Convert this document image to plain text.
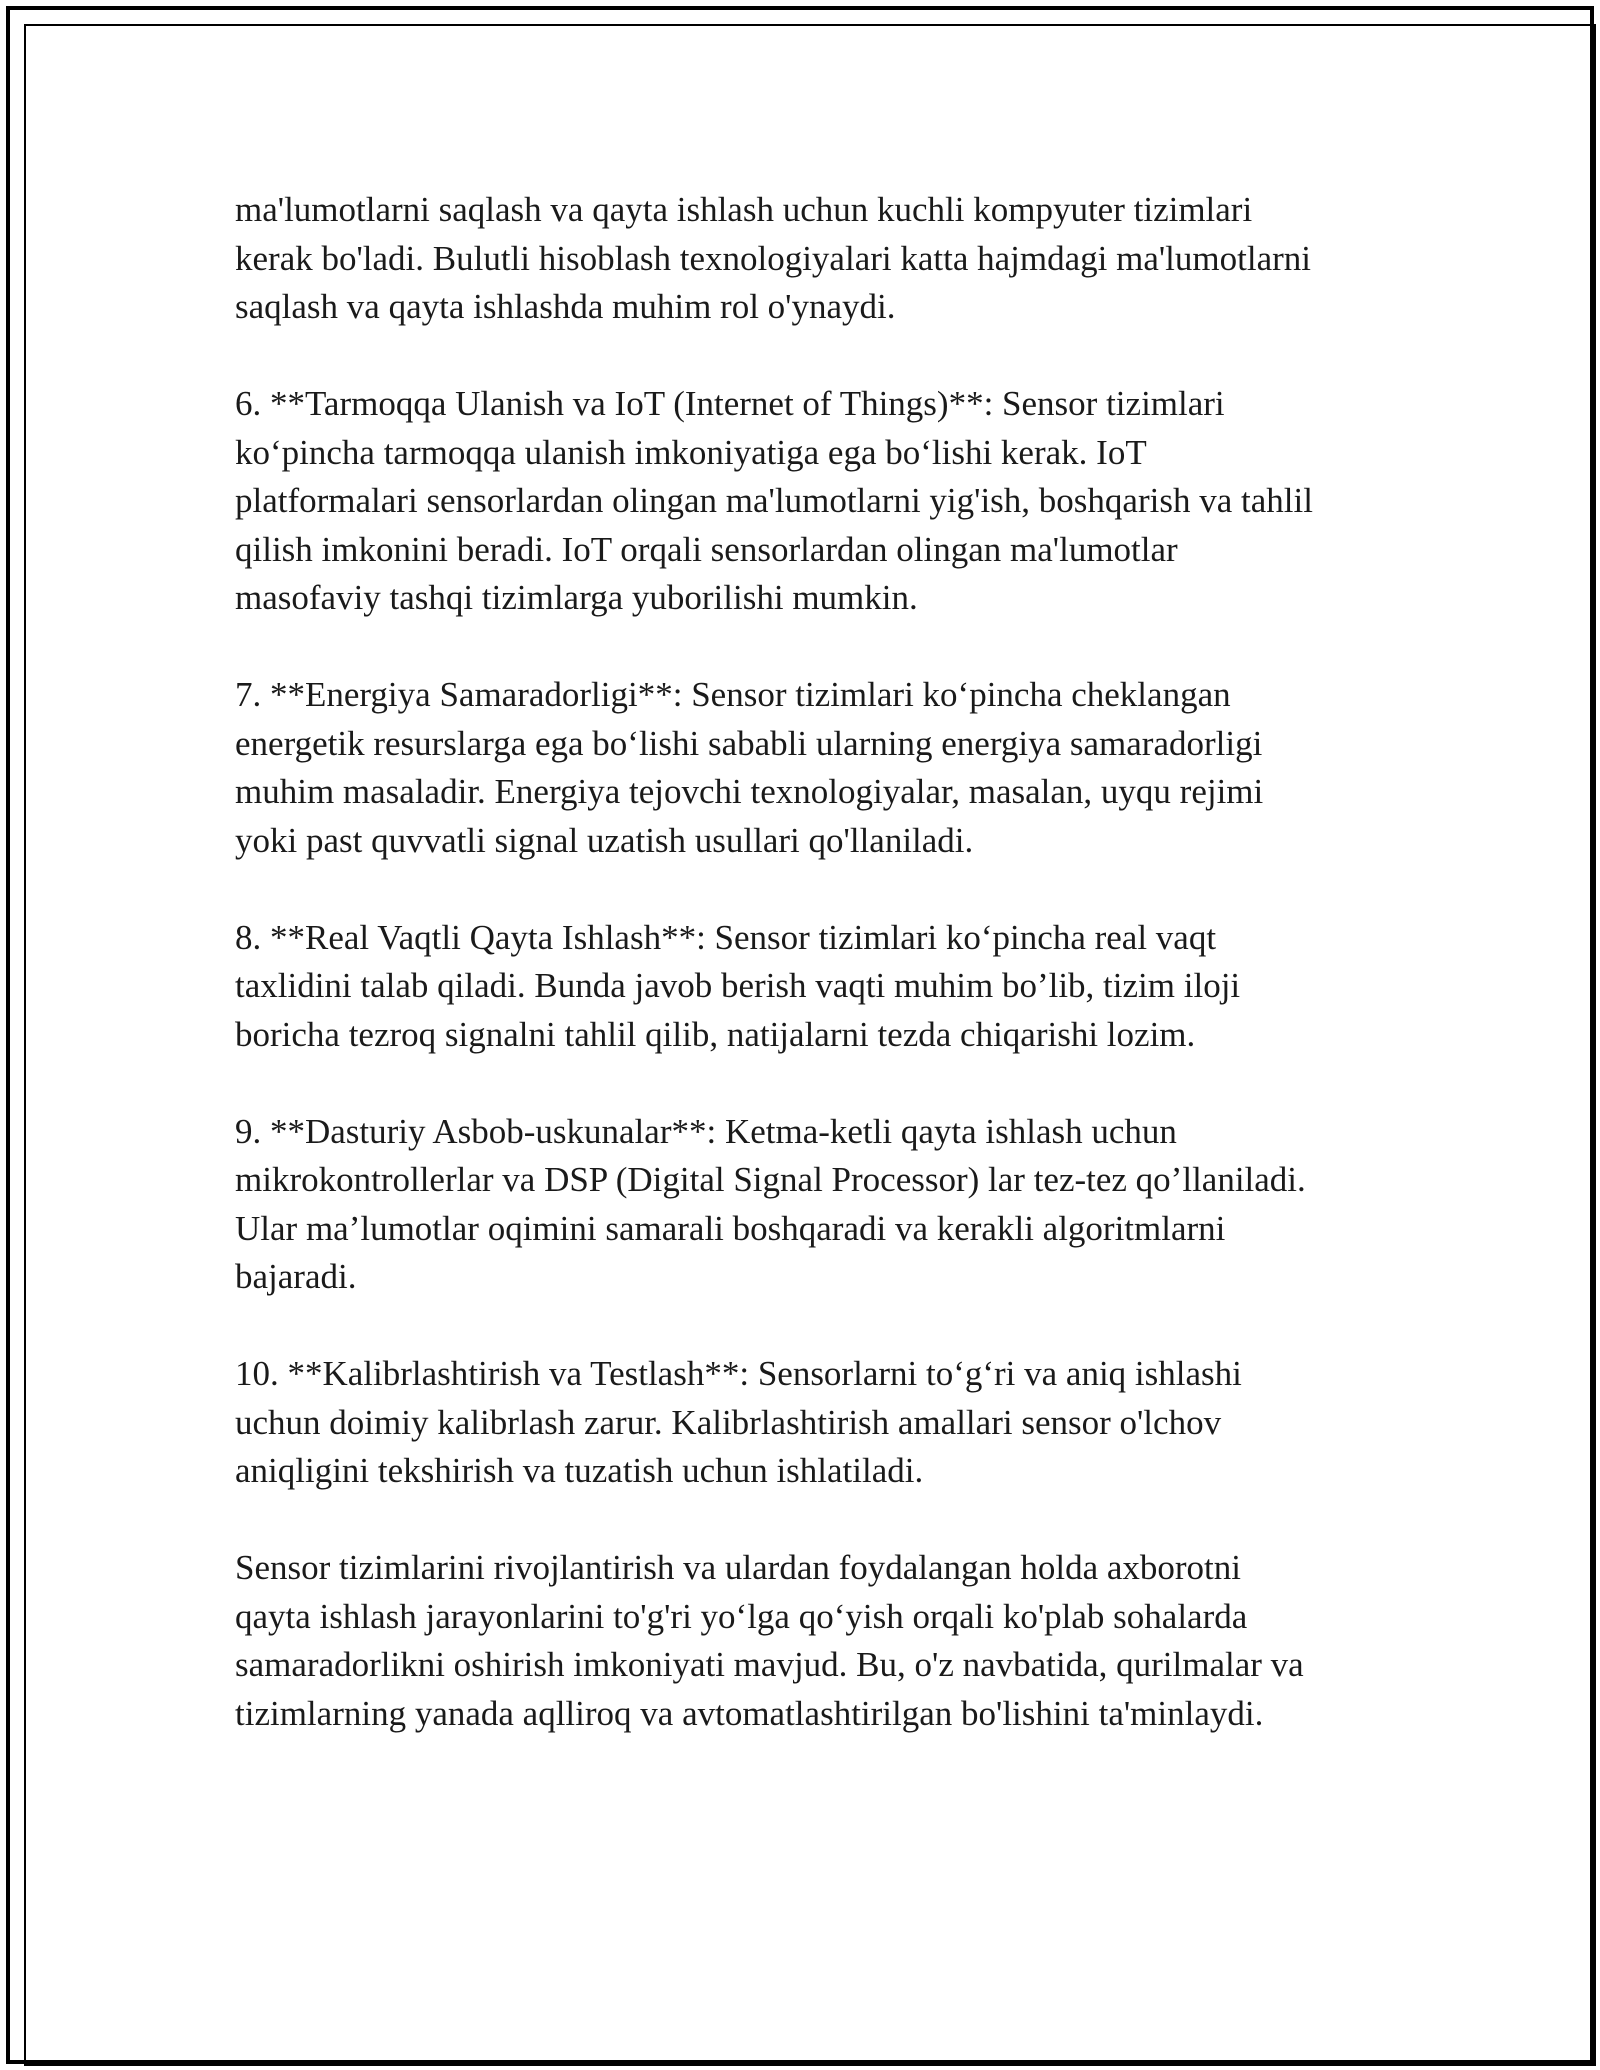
ma'lumotlarni saqlash va qayta ishlash uchun kuchli kompyuter tizimlari
kerak bo'ladi. Bulutli hisoblash texnologiyalari katta hajmdagi ma'lumotlarni
saqlash va qayta ishlashda muhim rol o'ynaydi.

6. **Tarmoqqa Ulanish va IoT (Internet of Things)**: Sensor tizimlari
ko‘pincha tarmoqqa ulanish imkoniyatiga ega bo‘lishi kerak. IoT
platformalari sensorlardan olingan ma'lumotlarni yig'ish, boshqarish va tahlil
qilish imkonini beradi. IoT orqali sensorlardan olingan ma'lumotlar
masofaviy tashqi tizimlarga yuborilishi mumkin.

7. **Energiya Samaradorligi**: Sensor tizimlari ko‘pincha cheklangan
energetik resurslarga ega bo‘lishi sababli ularning energiya samaradorligi
muhim masaladir. Energiya tejovchi texnologiyalar, masalan, uyqu rejimi
yoki past quvvatli signal uzatish usullari qo'llaniladi.

8. **Real Vaqtli Qayta Ishlash**: Sensor tizimlari ko‘pincha real vaqt
taxlidini talab qiladi. Bunda javob berish vaqti muhim bo’lib, tizim iloji
boricha tezroq signalni tahlil qilib, natijalarni tezda chiqarishi lozim.

9. **Dasturiy Asbob-uskunalar**: Ketma-ketli qayta ishlash uchun
mikrokontrollerlar va DSP (Digital Signal Processor) lar tez-tez qo’llaniladi.
Ular ma’lumotlar oqimini samarali boshqaradi va kerakli algoritmlarni
bajaradi.

10. **Kalibrlashtirish va Testlash**: Sensorlarni to‘g‘ri va aniq ishlashi
uchun doimiy kalibrlash zarur. Kalibrlashtirish amallari sensor o'lchov
aniqligini tekshirish va tuzatish uchun ishlatiladi.

Sensor tizimlarini rivojlantirish va ulardan foydalangan holda axborotni
qayta ishlash jarayonlarini to'g'ri yo‘lga qo‘yish orqali ko'plab sohalarda
samaradorlikni oshirish imkoniyati mavjud. Bu, o'z navbatida, qurilmalar va
tizimlarning yanada aqlliroq va avtomatlashtirilgan bo'lishini ta'minlaydi.
